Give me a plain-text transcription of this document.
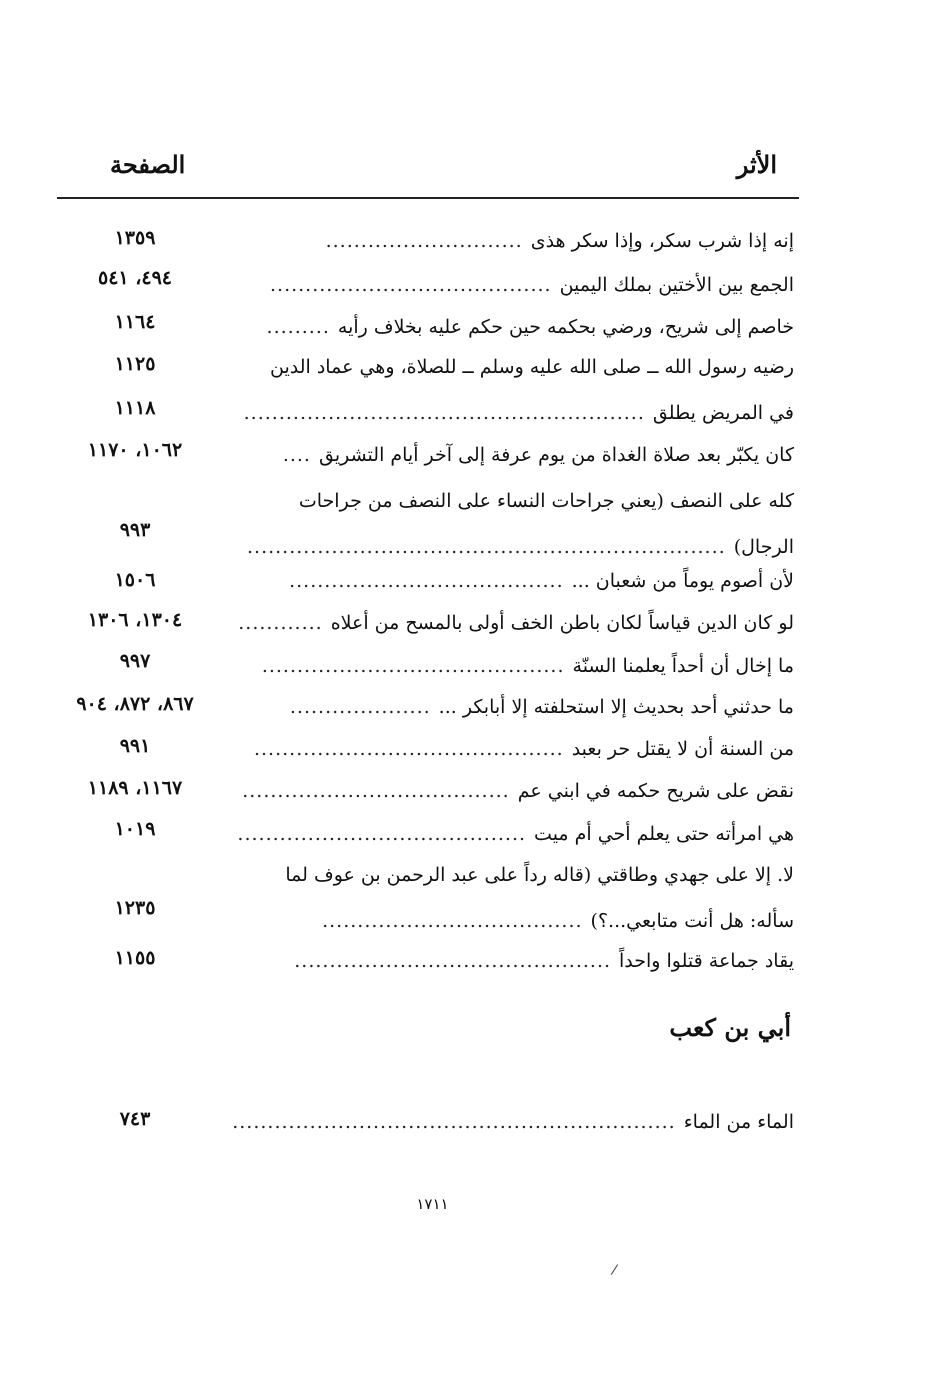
الأثر
الصفحة
إنه إذا شرب سكر، وإذا سكر هذى............................
١٣٥٩
الجمع بين الأختين بملك اليمين........................................
٤٩٤، ٥٤١
خاصم إلى شريح، ورضي بحكمه حين حكم عليه بخلاف رأيه.........
١١٦٤
رضيه رسول الله ــ صلى الله عليه وسلم ــ للصلاة، وهي عماد الدين
١١٢٥
في المريض يطلق.........................................................
١١١٨
كان يكبّر بعد صلاة الغداة من يوم عرفة إلى آخر أيام التشريق....
١٠٦٢، ١١٧٠
كله على النصف (يعني جراحات النساء على النصف من جراحات
الرجال)....................................................................
٩٩٣
لأن أصوم يوماً من شعبان ..........................................
١٥٠٦
لو كان الدين قياساً لكان باطن الخف أولى بالمسح من أعلاه............
١٣٠٤، ١٣٠٦
ما إخال أن أحداً يعلمنا السنّة...........................................
٩٩٧
ما حدثني أحد بحديث إلا استحلفته إلا أبابكر .......................
٨٦٧، ٨٧٢، ٩٠٤
من السنة أن لا يقتل حر بعبد............................................
٩٩١
نقض على شريح حكمه في ابني عم......................................
١١٦٧، ١١٨٩
هي امرأته حتى يعلم أحي أم ميت.........................................
١٠١٩
لا. إلا على جهدي وطاقتي (قاله رداً على عبد الرحمن بن عوف لما
سأله: هل أنت متابعي...؟).....................................
١٢٣٥
يقاد جماعة قتلوا واحداً.............................................
١١٥٥
أبي بن كعب
الماء من الماء...............................................................
٧٤٣
١٧١١
/
